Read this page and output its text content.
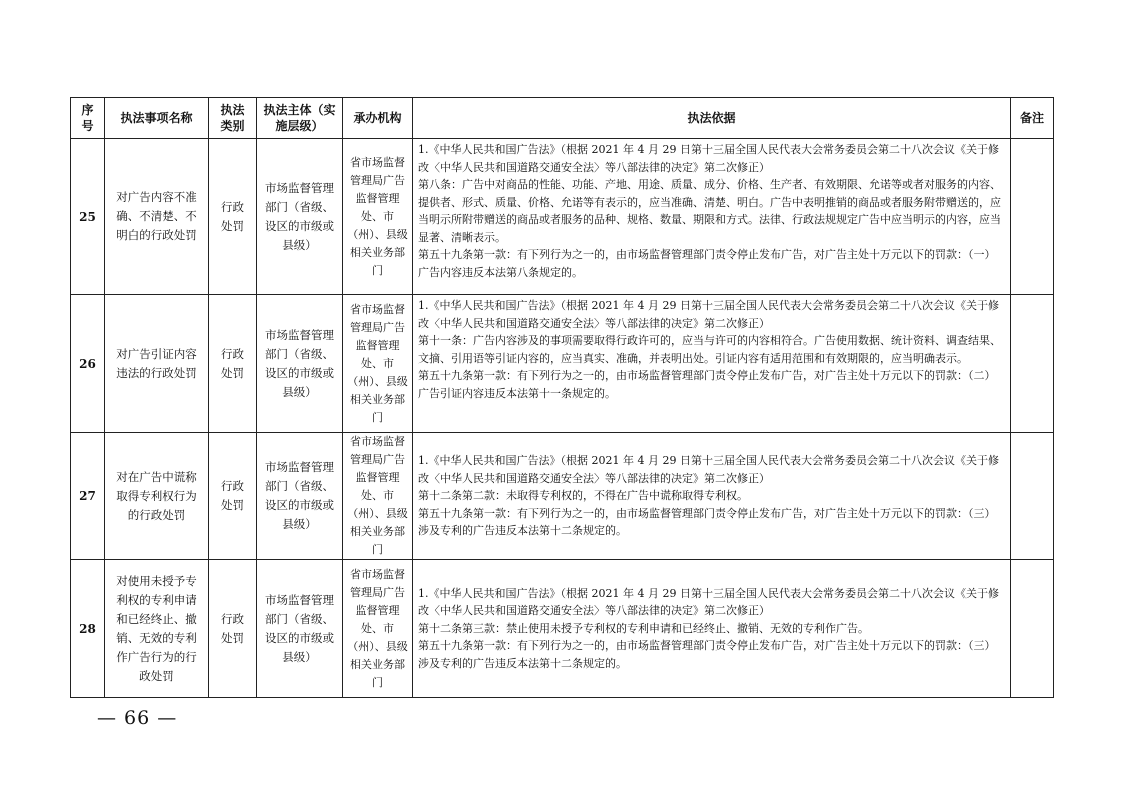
序号	执法事项名称	执法类别	执法主体（实施层级）	承办机构	执法依据	备注
25	对广告内容不准确、不清楚、不明白的行政处罚	行政处罚	市场监督管理部门（省级、设区的市级或县级）	省市场监督管理局广告监督管理处、市（州）、县级相关业务部门	1.《中华人民共和国广告法》（根据 2021 年 4 月 29 日第十三届全国人民代表大会常务委员会第二十八次会议《关于修改〈中华人民共和国道路交通安全法〉等八部法律的决定》第二次修正）
第八条：广告中对商品的性能、功能、产地、用途、质量、成分、价格、生产者、有效期限、允诺等或者对服务的内容、提供者、形式、质量、价格、允诺等有表示的，应当准确、清楚、明白。广告中表明推销的商品或者服务附带赠送的，应当明示所附带赠送的商品或者服务的品种、规格、数量、期限和方式。法律、行政法规规定广告中应当明示的内容，应当显著、清晰表示。
第五十九条第一款：有下列行为之一的，由市场监督管理部门责令停止发布广告，对广告主处十万元以下的罚款：（一）广告内容违反本法第八条规定的。	

26	对广告引证内容违法的行政处罚	行政处罚	市场监督管理部门（省级、设区的市级或县级）	省市场监督管理局广告监督管理处、市（州）、县级相关业务部门	1.《中华人民共和国广告法》（根据 2021 年 4 月 29 日第十三届全国人民代表大会常务委员会第二十八次会议《关于修改〈中华人民共和国道路交通安全法〉等八部法律的决定》第二次修正）
第十一条：广告内容涉及的事项需要取得行政许可的，应当与许可的内容相符合。广告使用数据、统计资料、调查结果、文摘、引用语等引证内容的，应当真实、准确，并表明出处。引证内容有适用范围和有效期限的，应当明确表示。
第五十九条第一款：有下列行为之一的，由市场监督管理部门责令停止发布广告，对广告主处十万元以下的罚款：（二）广告引证内容违反本法第十一条规定的。	

27	对在广告中谎称取得专利权行为的行政处罚	行政处罚	市场监督管理部门（省级、设区的市级或县级）	省市场监督管理局广告监督管理处、市（州）、县级相关业务部门	1.《中华人民共和国广告法》（根据 2021 年 4 月 29 日第十三届全国人民代表大会常务委员会第二十八次会议《关于修改〈中华人民共和国道路交通安全法〉等八部法律的决定》第二次修正）
第十二条第二款：未取得专利权的，不得在广告中谎称取得专利权。
第五十九条第一款：有下列行为之一的，由市场监督管理部门责令停止发布广告，对广告主处十万元以下的罚款：（三）涉及专利的广告违反本法第十二条规定的。	

28	对使用未授予专利权的专利申请和已经终止、撤销、无效的专利作广告行为的行政处罚	行政处罚	市场监督管理部门（省级、设区的市级或县级）	省市场监督管理局广告监督管理处、市（州）、县级相关业务部门	1.《中华人民共和国广告法》（根据 2021 年 4 月 29 日第十三届全国人民代表大会常务委员会第二十八次会议《关于修改〈中华人民共和国道路交通安全法〉等八部法律的决定》第二次修正）
第十二条第三款：禁止使用未授予专利权的专利申请和已经终止、撤销、无效的专利作广告。
第五十九条第一款：有下列行为之一的，由市场监督管理部门责令停止发布广告，对广告主处十万元以下的罚款：（三）涉及专利的广告违反本法第十二条规定的。	

— 66 —
